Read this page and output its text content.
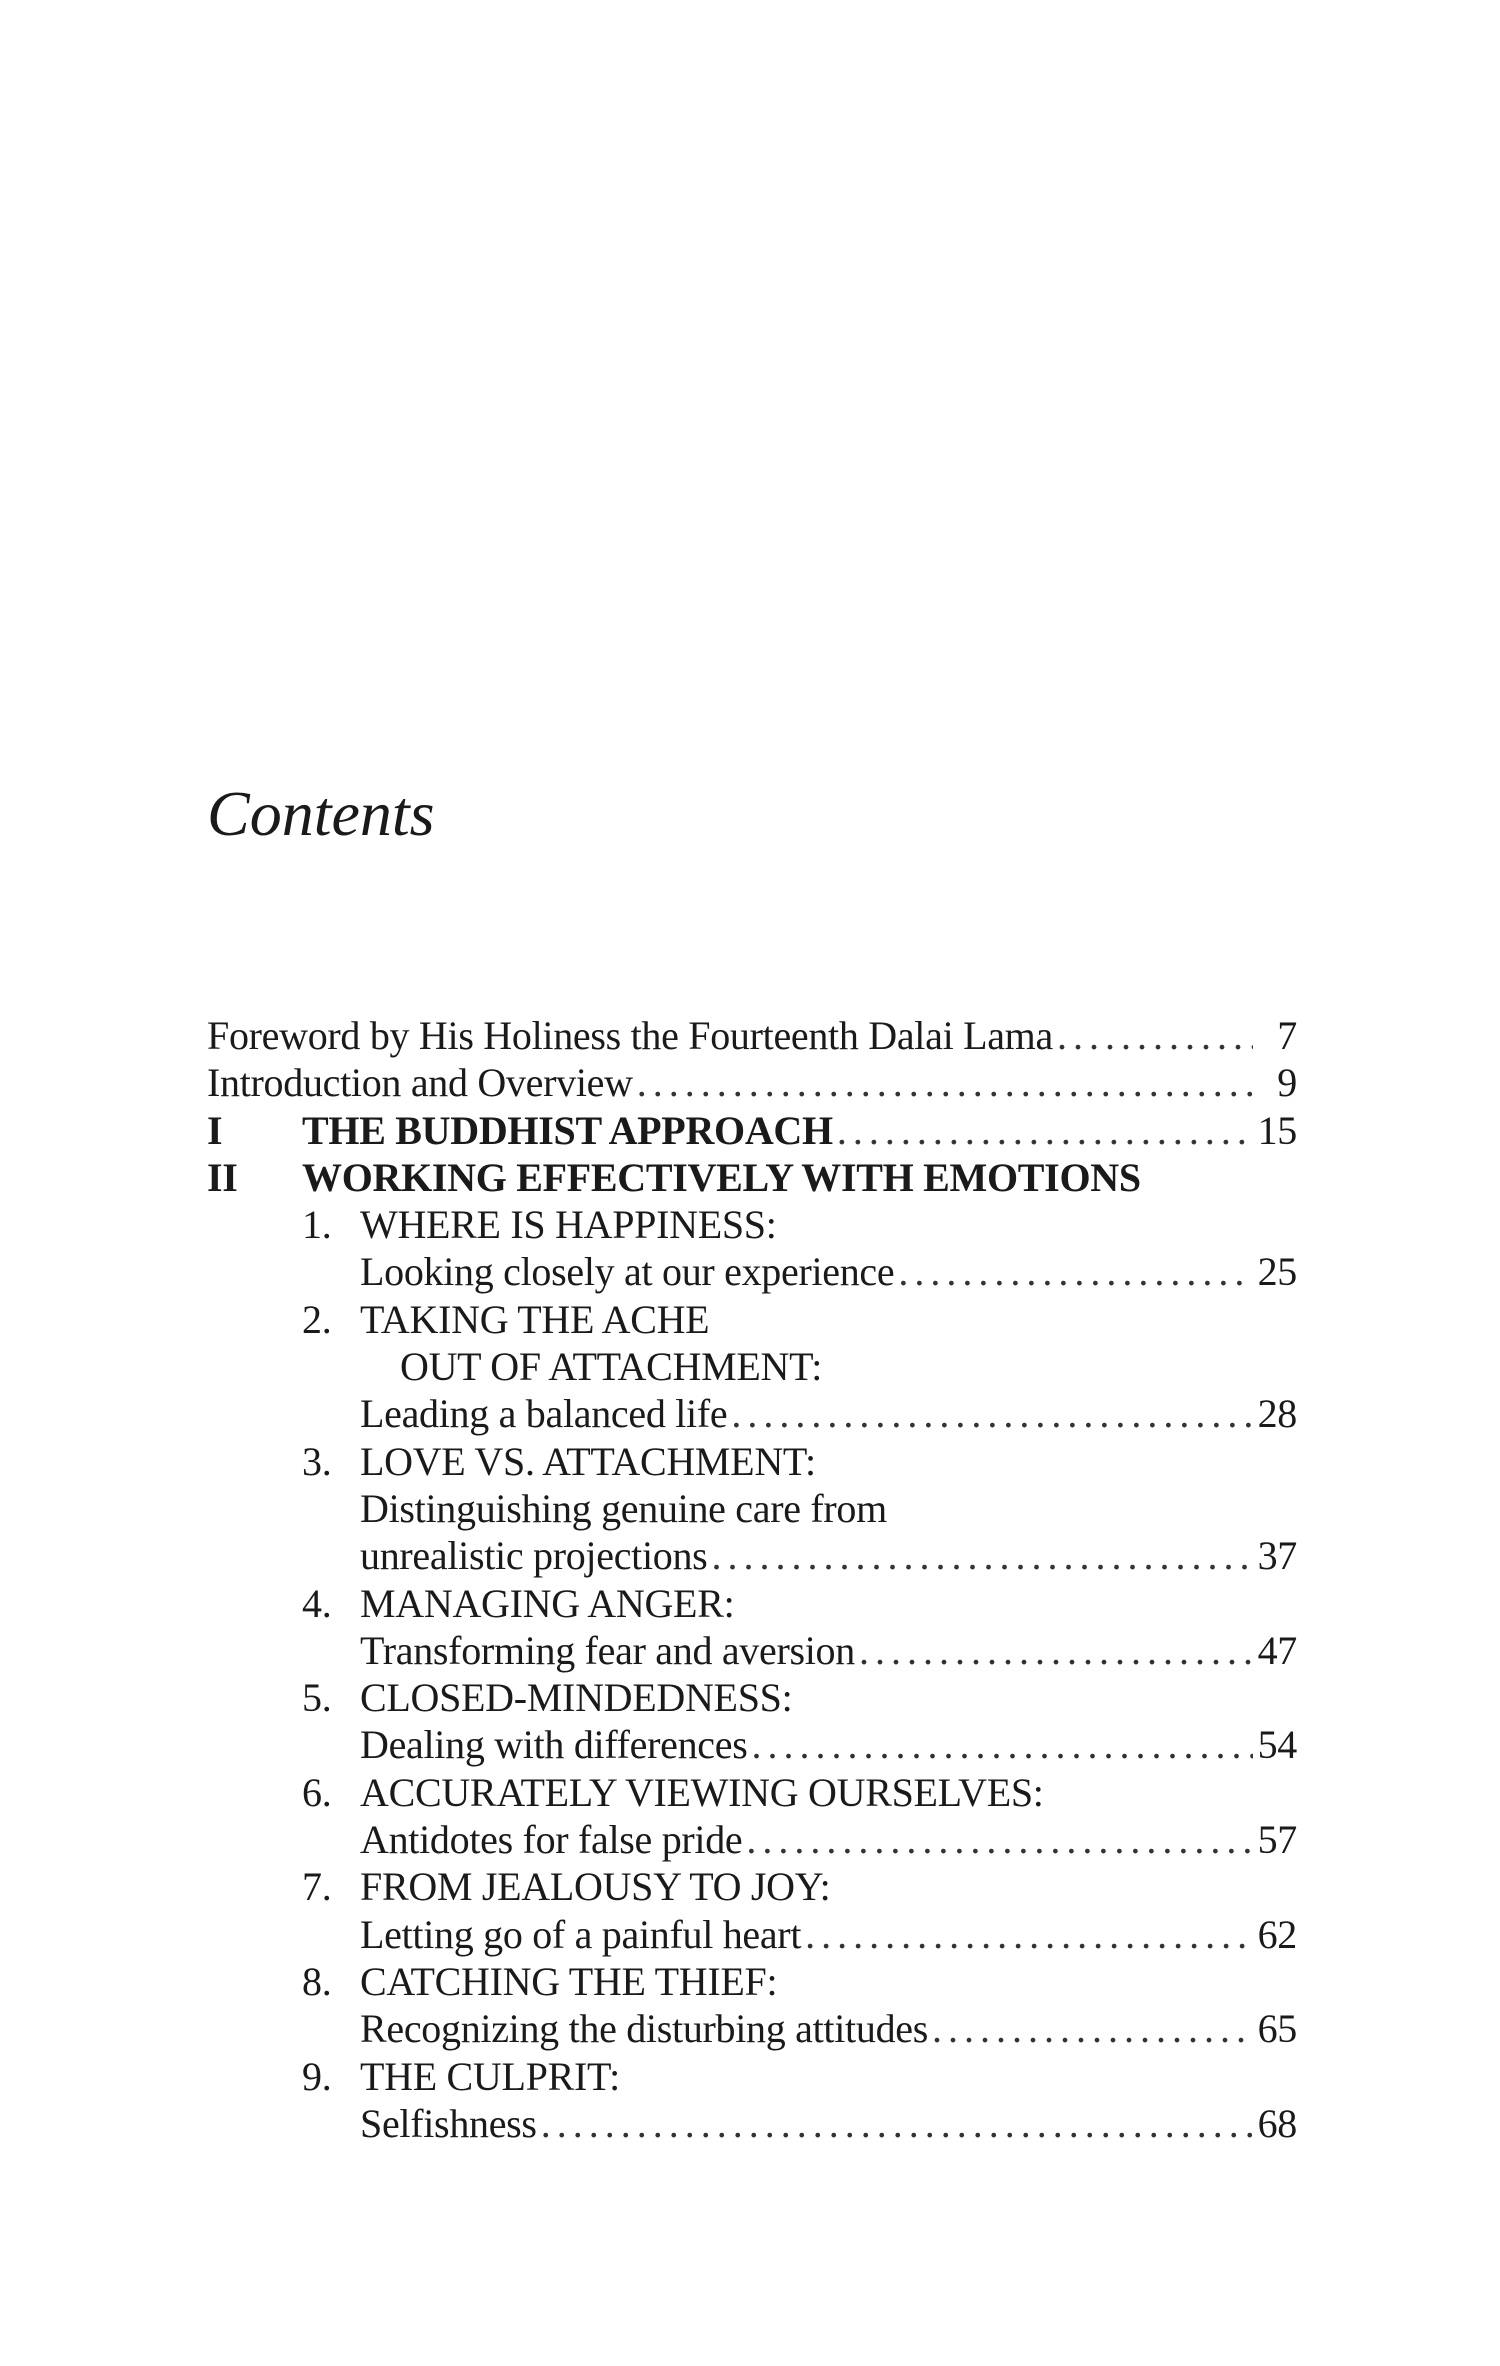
Contents
Foreword by His Holiness the Fourteenth Dalai Lama . . .	7
Introduction and Overview . . .	9
I	THE BUDDHIST APPROACH . . .	15
II	WORKING EFFECTIVELY WITH EMOTIONS
1. WHERE IS HAPPINESS:
Looking closely at our experience . . .	25
2. TAKING THE ACHE
OUT OF ATTACHMENT:
Leading a balanced life . . .	28
3. LOVE VS. ATTACHMENT:
Distinguishing genuine care from
unrealistic projections . . .	37
4. MANAGING ANGER:
Transforming fear and aversion . . .	47
5. CLOSED-MINDEDNESS:
Dealing with differences . . .	54
6. ACCURATELY VIEWING OURSELVES:
Antidotes for false pride . . .	57
7. FROM JEALOUSY TO JOY:
Letting go of a painful heart . . .	62
8. CATCHING THE THIEF:
Recognizing the disturbing attitudes . . .	65
9. THE CULPRIT:
Selfishness . . .	68
